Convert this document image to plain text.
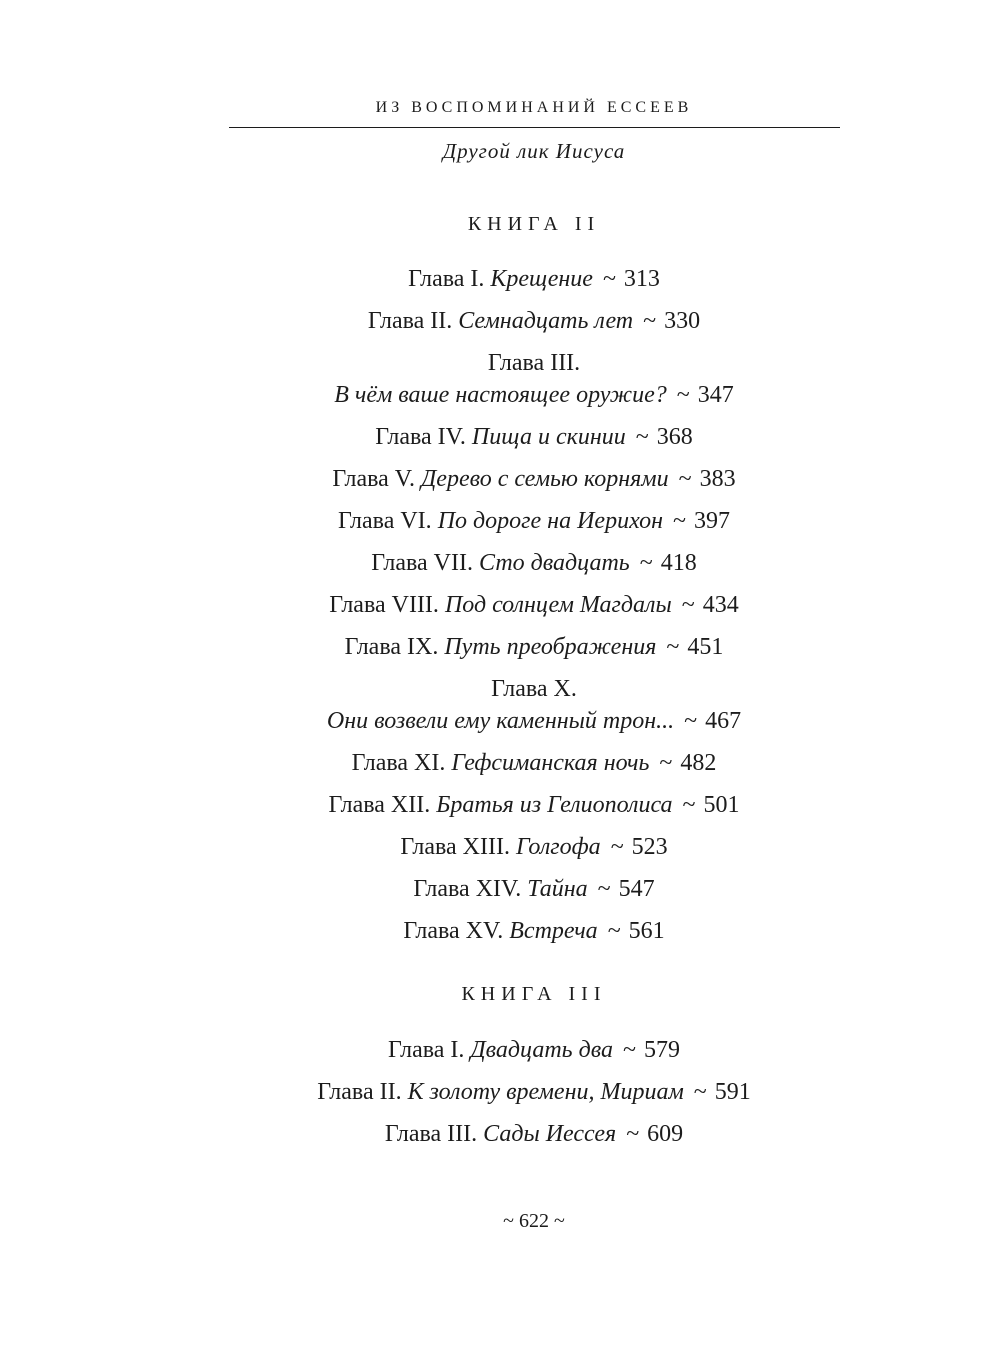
ИЗ ВОСПОМИНАНИЙ ЕССЕЕВ
Другой лик Иисуса
КНИГА II
Глава I. Крещение ~ 313
Глава II. Семнадцать лет ~ 330
Глава III.
В чём ваше настоящее оружие? ~ 347
Глава IV. Пища и скинии ~ 368
Глава V. Дерево с семью корнями ~ 383
Глава VI. По дороге на Иерихон ~ 397
Глава VII. Сто двадцать ~ 418
Глава VIII. Под солнцем Магдалы ~ 434
Глава IX. Путь преображения ~ 451
Глава X.
Они возвели ему каменный трон... ~ 467
Глава XI. Гефсиманская ночь ~ 482
Глава XII. Братья из Гелиополиса ~ 501
Глава XIII. Голгофа ~ 523
Глава XIV. Тайна ~ 547
Глава XV. Встреча ~ 561
КНИГА III
Глава I. Двадцать два ~ 579
Глава II. К золоту времени, Мириам ~ 591
Глава III. Сады Иессея ~ 609
~ 622 ~
